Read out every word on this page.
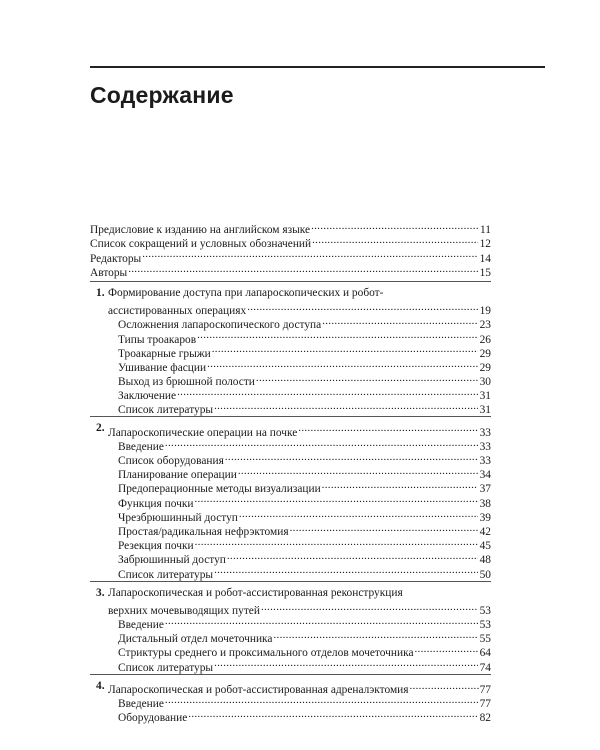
Содержание
Предисловие к изданию на английском языке .....	11
Список сокращений и условных обозначений .....	12
Редакторы .....	14
Авторы .....	15
1. Формирование доступа при лапароскопических и робот-
ассистированных операциях .....	19
Осложнения лапароскопического доступа .....	23
Типы троакаров .....	26
Троакарные грыжи .....	29
Ушивание фасции .....	29
Выход из брюшной полости .....	30
Заключение .....	31
Список литературы .....	31
2. Лапароскопические операции на почке .....	33
Введение .....	33
Список оборудования .....	33
Планирование операции .....	34
Предоперационные методы визуализации .....	37
Функция почки .....	38
Чрезбрюшинный доступ .....	39
Простая/радикальная нефрэктомия .....	42
Резекция почки .....	45
Забрюшинный доступ .....	48
Список литературы .....	50
3. Лапароскопическая и робот-ассистированная реконструкция
верхних мочевыводящих путей .....	53
Введение .....	53
Дистальный отдел мочеточника .....	55
Стриктуры среднего и проксимального отделов мочеточника .....	64
Список литературы .....	74
4. Лапароскопическая и робот-ассистированная адреналэктомия .....	77
Введение .....	77
Оборудование .....	82
